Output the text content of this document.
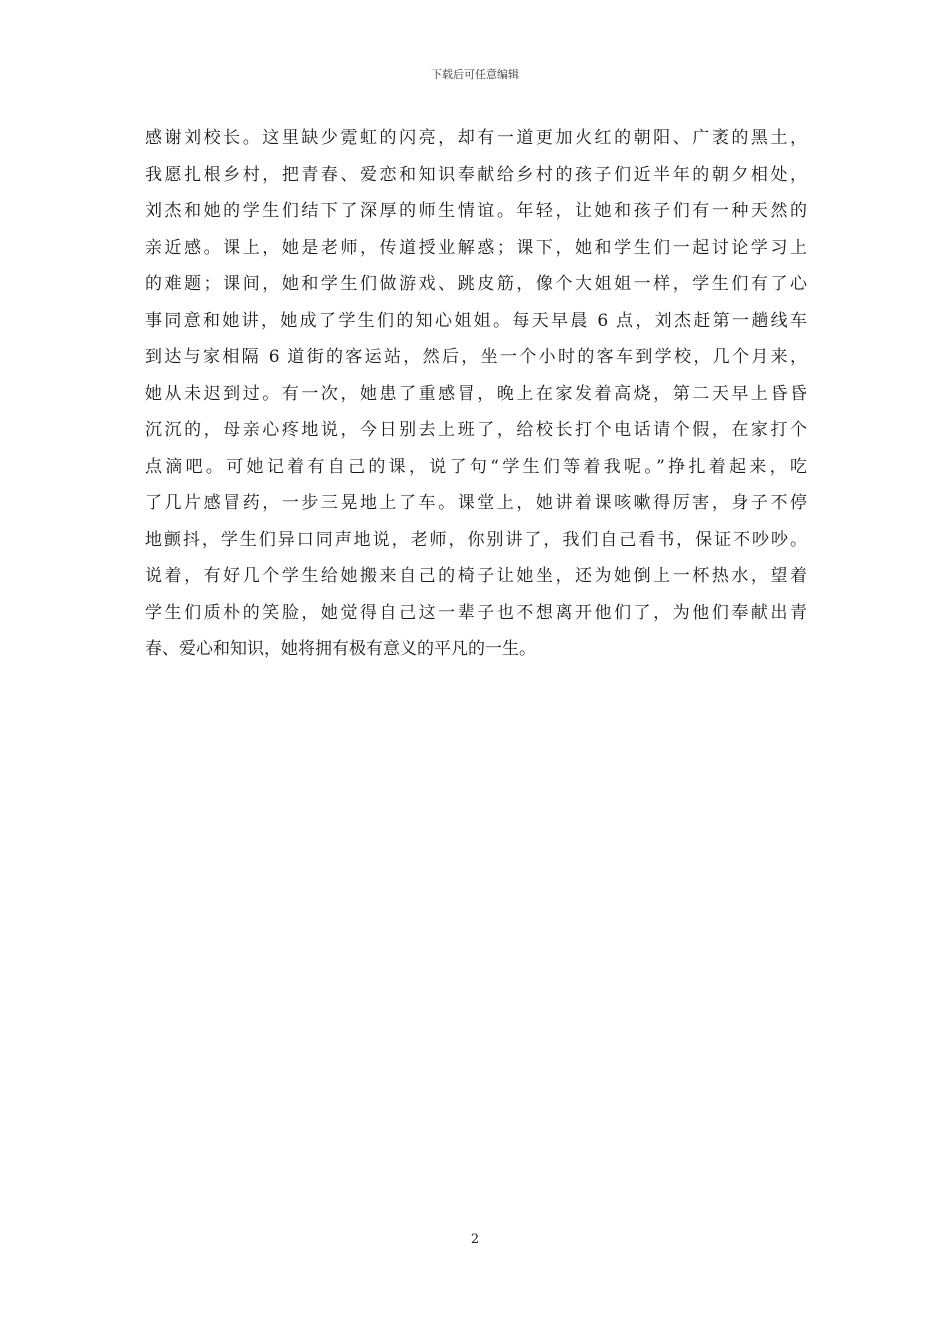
下载后可任意编辑
感谢刘校长。这里缺少霓虹的闪亮，却有一道更加火红的朝阳、广袤的黑土，
我愿扎根乡村，把青春、爱恋和知识奉献给乡村的孩子们近半年的朝夕相处，
刘杰和她的学生们结下了深厚的师生情谊。年轻，让她和孩子们有一种天然的
亲近感。课上，她是老师，传道授业解惑；课下，她和学生们一起讨论学习上
的难题；课间，她和学生们做游戏、跳皮筋，像个大姐姐一样，学生们有了心
事同意和她讲，她成了学生们的知心姐姐。每天早晨 6 点，刘杰赶第一趟线车
到达与家相隔 6 道街的客运站，然后，坐一个小时的客车到学校，几个月来，
她从未迟到过。有一次，她患了重感冒，晚上在家发着高烧，第二天早上昏昏
沉沉的，母亲心疼地说，今日别去上班了，给校长打个电话请个假，在家打个
点滴吧。可她记着有自己的课，说了句“学生们等着我呢。”挣扎着起来，吃
了几片感冒药，一步三晃地上了车。课堂上，她讲着课咳嗽得厉害，身子不停
地颤抖，学生们异口同声地说，老师，你别讲了，我们自己看书，保证不吵吵。
说着，有好几个学生给她搬来自己的椅子让她坐，还为她倒上一杯热水，望着
学生们质朴的笑脸，她觉得自己这一辈子也不想离开他们了，为他们奉献出青
春、爱心和知识，她将拥有极有意义的平凡的一生。
2
